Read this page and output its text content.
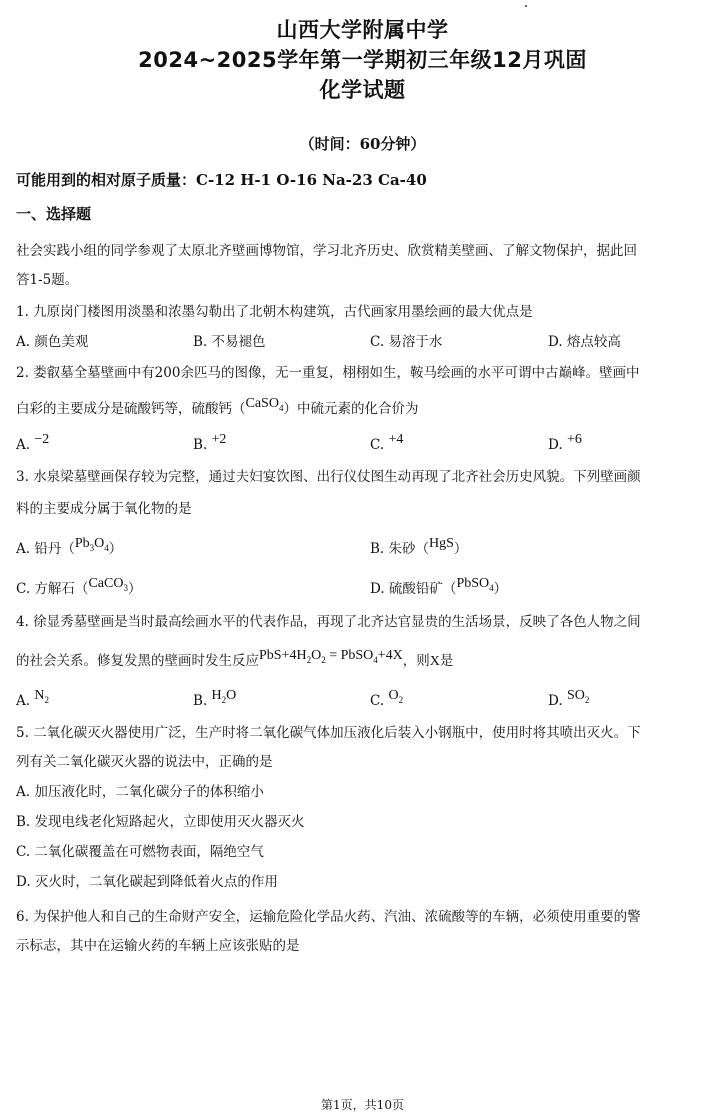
山西大学附属中学
2024~2025学年第一学期初三年级12月巩固
化学试题
（时间：60分钟）
可能用到的相对原子质量：C-12 H-1 O-16 Na-23 Ca-40
一、选择题
社会实践小组的同学参观了太原北齐壁画博物馆，学习北齐历史、欣赏精美壁画、了解文物保护，据此回
答1-5题。
1. 九原岗门楼图用淡墨和浓墨勾勒出了北朝木构建筑，古代画家用墨绘画的最大优点是
A. 颜色美观	B. 不易褪色	C. 易溶于水	D. 熔点较高
2. 娄叡墓全墓壁画中有200余匹马的图像，无一重复，栩栩如生，鞍马绘画的水平可谓中古巅峰。壁画中
白彩的主要成分是硫酸钙等，硫酸钙（CaSO$_4$）中硫元素的化合价为
A. −2	B. +2	C. +4	D. +6
3. 水泉梁墓壁画保存较为完整，通过夫妇宴饮图、出行仪仗图生动再现了北齐社会历史风貌。下列壁画颜
料的主要成分属于氧化物的是
A. 铅丹$(Pb_3O_4)$	B. 朱砂（HgS）
C. 方解石（CaCO$_3$）	D. 硫酸铅矿（PbSO$_4$）
4. 徐显秀墓壁画是当时最高绘画水平的代表作品，再现了北齐达官显贵的生活场景，反映了各色人物之间
的社会关系。修复发黑的壁画时发生反应$PbS+4H_2O_2$ = PbSO$_4$+4X，则X是
A. $N_2$	B. $H_2O$	C. $O_2$	D. $SO_2$
5. 二氧化碳灭火器使用广泛，生产时将二氧化碳气体加压液化后装入小钢瓶中，使用时将其喷出灭火。下
列有关二氧化碳灭火器的说法中，正确的是
A. 加压液化时，二氧化碳分子的体积缩小
B. 发现电线老化短路起火，立即使用灭火器灭火
C. 二氧化碳覆盖在可燃物表面，隔绝空气
D. 灭火时，二氧化碳起到降低着火点的作用
6. 为保护他人和自己的生命财产安全，运输危险化学品火药、汽油、浓硫酸等的车辆，必须使用重要的警
示标志，其中在运输火药的车辆上应该张贴的是
第1页，共10页
